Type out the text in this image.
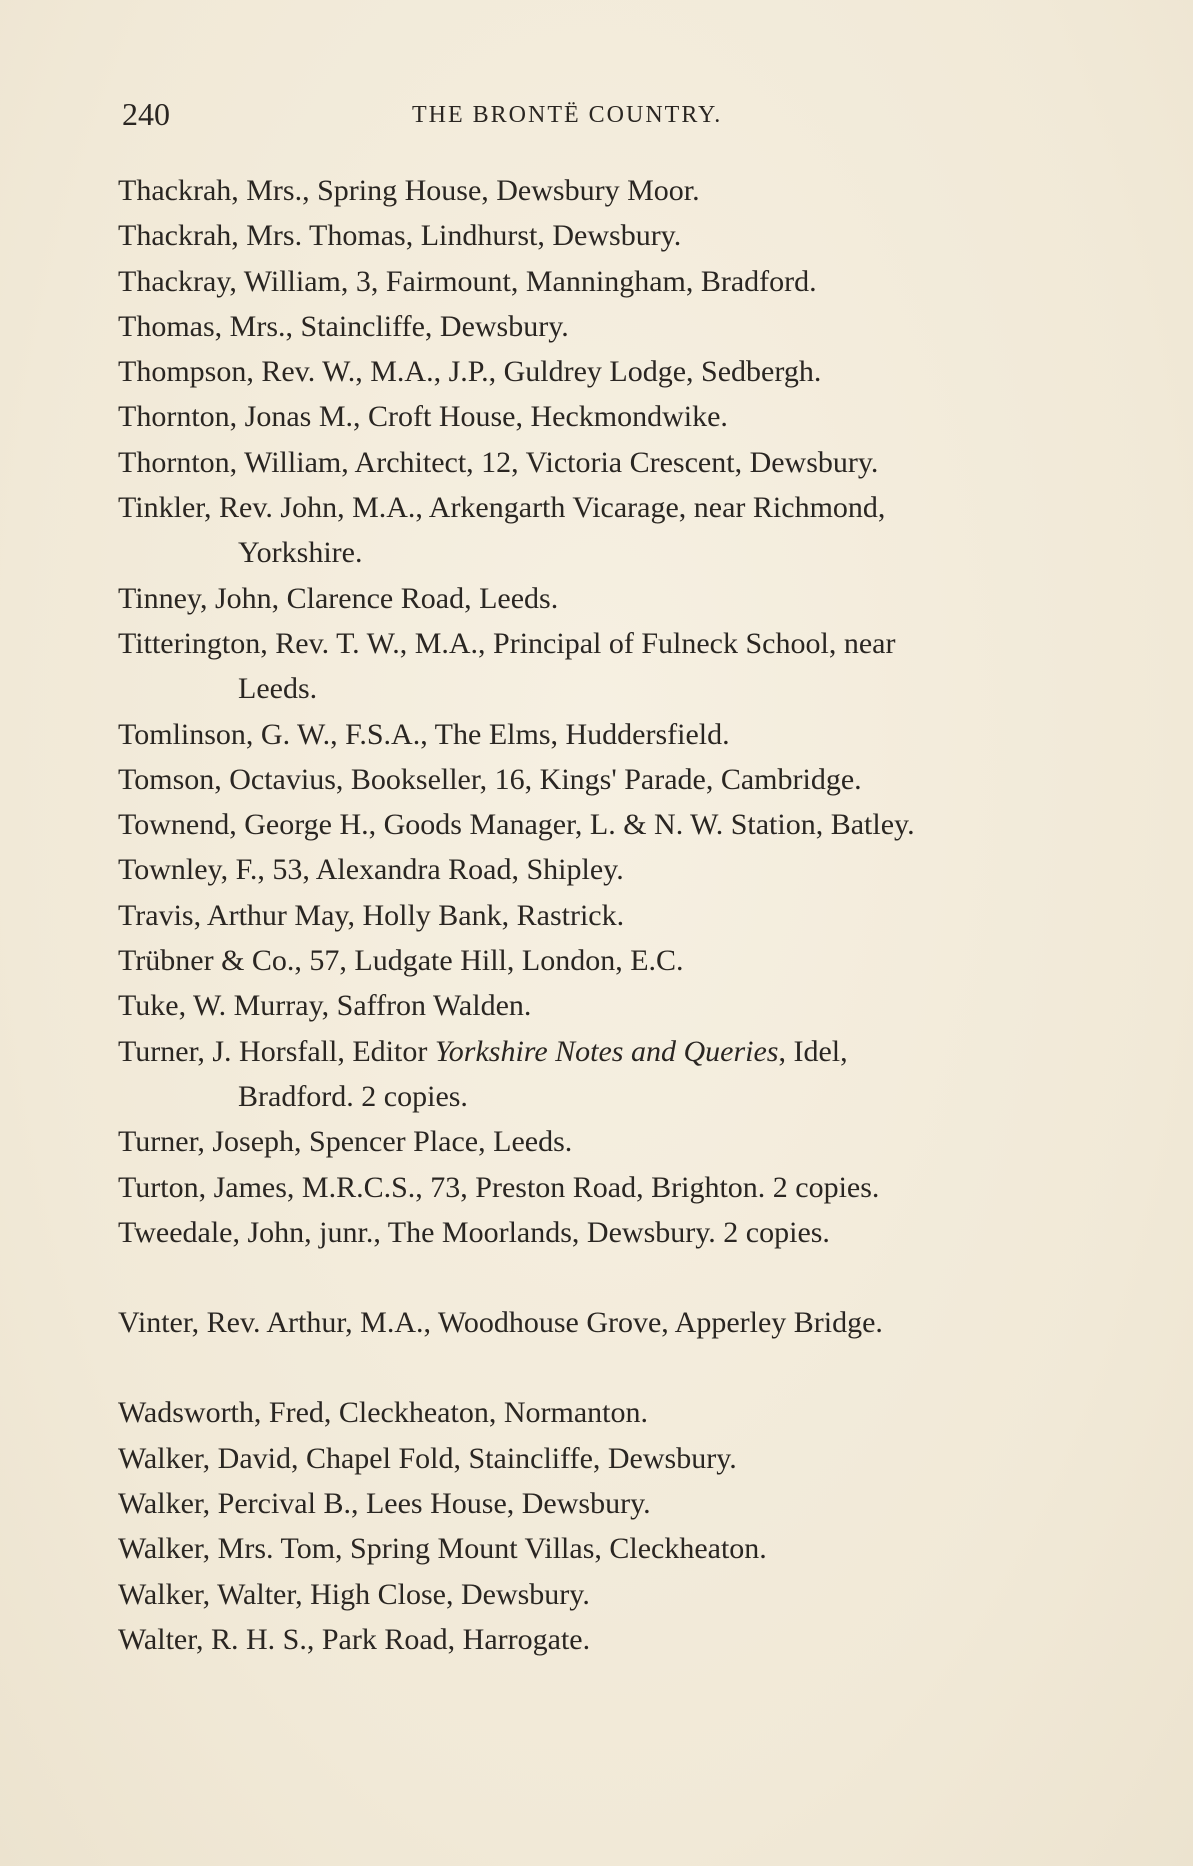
240	THE BRONTË COUNTRY.
Thackrah, Mrs., Spring House, Dewsbury Moor.
Thackrah, Mrs. Thomas, Lindhurst, Dewsbury.
Thackray, William, 3, Fairmount, Manningham, Bradford.
Thomas, Mrs., Staincliffe, Dewsbury.
Thompson, Rev. W., M.A., J.P., Guldrey Lodge, Sedbergh.
Thornton, Jonas M., Croft House, Heckmondwike.
Thornton, William, Architect, 12, Victoria Crescent, Dewsbury.
Tinkler, Rev. John, M.A., Arkengarth Vicarage, near Richmond,
Yorkshire.
Tinney, John, Clarence Road, Leeds.
Titterington, Rev. T. W., M.A., Principal of Fulneck School, near
Leeds.
Tomlinson, G. W., F.S.A., The Elms, Huddersfield.
Tomson, Octavius, Bookseller, 16, Kings' Parade, Cambridge.
Townend, George H., Goods Manager, L. & N. W. Station, Batley.
Townley, F., 53, Alexandra Road, Shipley.
Travis, Arthur May, Holly Bank, Rastrick.
Trübner & Co., 57, Ludgate Hill, London, E.C.
Tuke, W. Murray, Saffron Walden.
Turner, J. Horsfall, Editor Yorkshire Notes and Queries, Idel,
Bradford. 2 copies.
Turner, Joseph, Spencer Place, Leeds.
Turton, James, M.R.C.S., 73, Preston Road, Brighton. 2 copies.
Tweedale, John, junr., The Moorlands, Dewsbury. 2 copies.
Vinter, Rev. Arthur, M.A., Woodhouse Grove, Apperley Bridge.
Wadsworth, Fred, Cleckheaton, Normanton.
Walker, David, Chapel Fold, Staincliffe, Dewsbury.
Walker, Percival B., Lees House, Dewsbury.
Walker, Mrs. Tom, Spring Mount Villas, Cleckheaton.
Walker, Walter, High Close, Dewsbury.
Walter, R. H. S., Park Road, Harrogate.
